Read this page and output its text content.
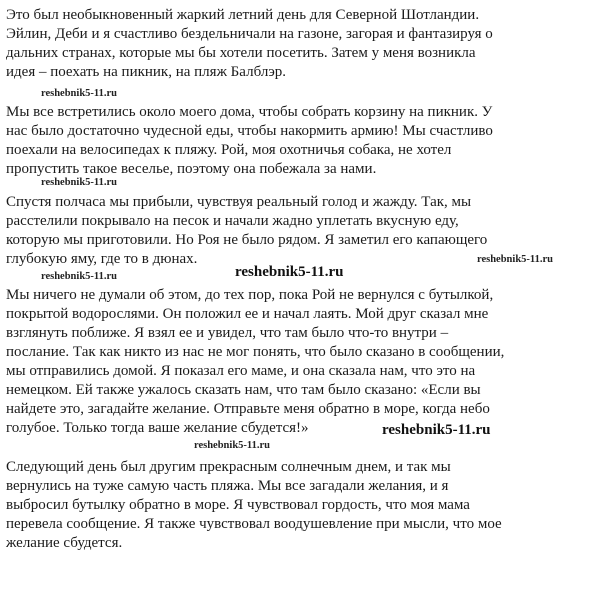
Это был необыкновенный жаркий летний день для Северной Шотландии.
Эйлин, Деби и я счастливо бездельничали на газоне, загорая и фантазируя о
дальних странах, которые мы бы хотели посетить. Затем у меня возникла
идея – поехать на пикник, на пляж Балблэр.
Мы все встретились около моего дома, чтобы собрать корзину на пикник. У
нас было достаточно чудесной еды, чтобы накормить армию! Мы счастливо
поехали на велосипедах к пляжу. Рой, моя охотничья собака, не хотел
пропустить такое веселье, поэтому она побежала за нами.
Спустя полчаса мы прибыли, чувствуя реальный голод и жажду. Так, мы
расстелили покрывало на песок и начали жадно уплетать вкусную еду,
которую мы приготовили. Но Роя не было рядом. Я заметил его капающего
глубокую яму, где то в дюнах.
Мы ничего не думали об этом, до тех пор, пока Рой не вернулся с бутылкой,
покрытой водорослями. Он положил ее и начал лаять. Мой друг сказал мне
взглянуть поближе. Я взял ее и увидел, что там было что-то внутри –
послание. Так как никто из нас не мог понять, что было сказано в сообщении,
мы отправились домой. Я показал его маме, и она сказала нам, что это на
немецком. Ей также ужалось сказать нам, что там было сказано: «Если вы
найдете это, загадайте желание. Отправьте меня обратно в море, когда небо
голубое. Только тогда ваше желание сбудется!»
Следующий день был другим прекрасным солнечным днем, и так мы
вернулись на туже самую часть пляжа. Мы все загадали желания, и я
выбросил бутылку обратно в море. Я чувствовал гордость, что моя мама
перевела сообщение. Я также чувствовал воодушевление при мысли, что мое
желание сбудется.
reshebnik5-11.ru
reshebnik5-11.ru
reshebnik5-11.ru
reshebnik5-11.ru
reshebnik5-11.ru
reshebnik5-11.ru
reshebnik5-11.ru
